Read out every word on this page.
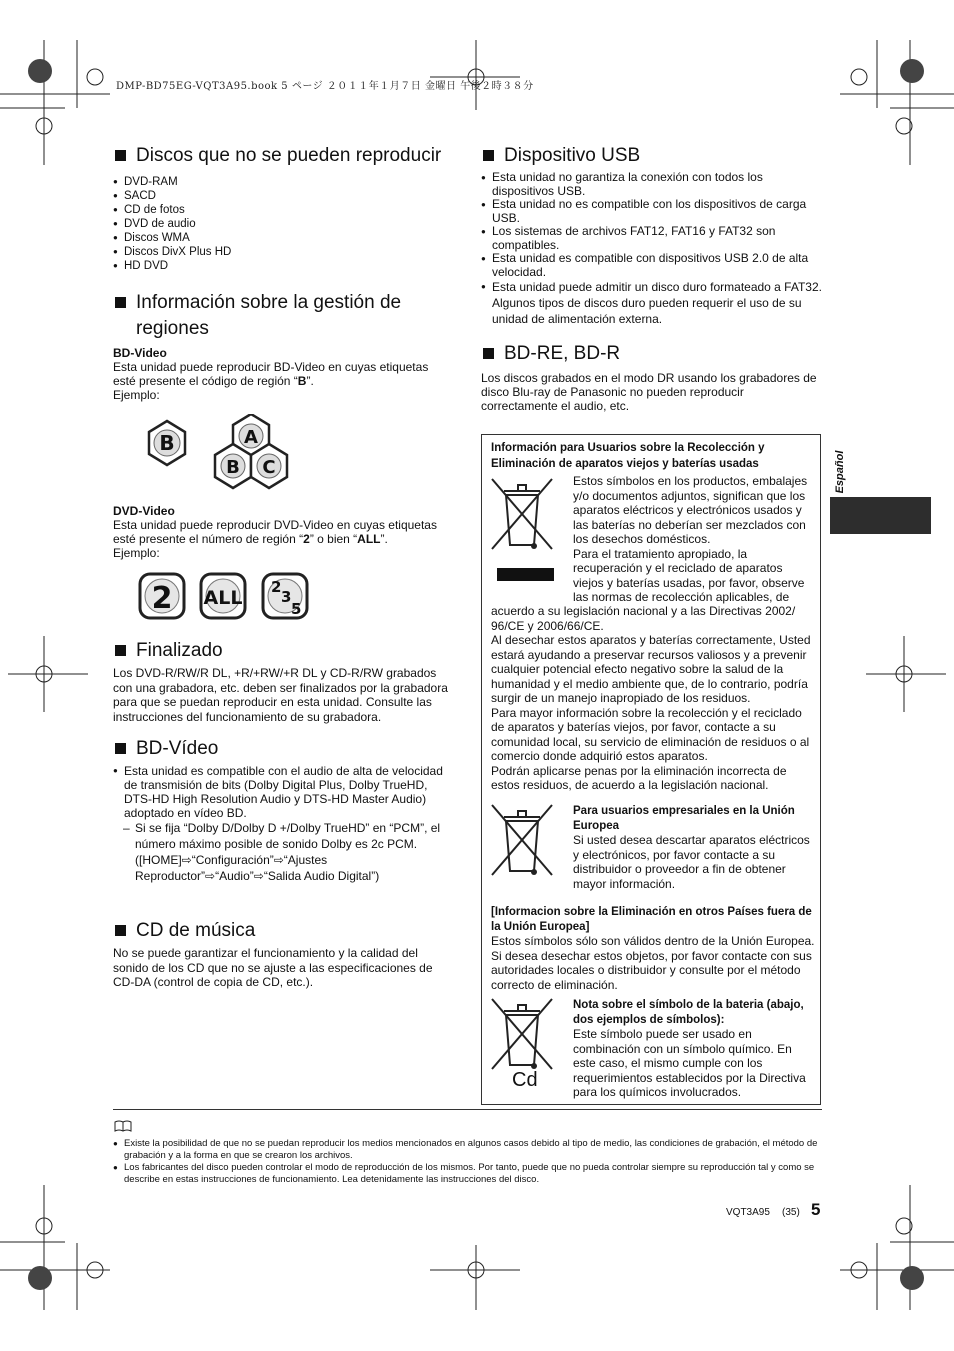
DMP-BD75EG-VQT3A95.book 5 ページ ２０１１年１月７日 金曜日 午後２時３８分
Discos que no se pueden reproducir
● DVD-RAM
● SACD
● CD de fotos
● DVD de audio
● Discos WMA
● Discos DivX Plus HD
● HD DVD
Información sobre la gestión de
regiones

BD-Video

Esta unidad puede reproducir BD-Video en cuyas etiquetas esté presente el código de región “B”.

Ejemplo:

B	A
B C

DVD-Video

Esta unidad puede reproducir DVD-Video en cuyas etiquetas esté presente el número de región “2” o bien “ALL”.

Ejemplo:

2 ALL 2
3
5
Finalizado

Los DVD-R/RW/R DL, +R/+RW/+R DL y CD-R/RW grabados con una grabadora, etc. deben ser finalizados por la grabadora para que se puedan reproducir en esta unidad. Consulte las instrucciones del funcionamiento de su grabadora.

BD-Vídeo
● Esta unidad es compatible con el audio de alta de velocidad de transmisión de bits (Dolby Digital Plus, Dolby TrueHD, DTS-HD High Resolution Audio y DTS-HD Master Audio) adoptado en vídeo BD.
– Si se fija “Dolby D/Dolby D +/Dolby TrueHD” en “PCM”, el número máximo posible de sonido Dolby es 2c PCM. ([HOME]⇨“Configuración”⇨“Ajustes Reproductor”⇨“Audio”⇨“Salida Audio Digital”)
CD de música

No se puede garantizar el funcionamiento y la calidad del sonido de los CD que no se ajuste a las especificaciones de CD-DA (control de copia de CD, etc.).

Dispositivo USB
● Esta unidad no garantiza la conexión con todos los dispositivos USB.
● Esta unidad no es compatible con los dispositivos de carga USB.
● Los sistemas de archivos FAT12, FAT16 y FAT32 son compatibles.
● Esta unidad es compatible con dispositivos USB 2.0 de alta velocidad.
● Esta unidad puede admitir un disco duro formateado a FAT32.

Algunos tipos de discos duro pueden requerir el uso de su unidad de alimentación externa.

BD-RE, BD-R

Los discos grabados en el modo DR usando los grabadores de disco Blu-ray de Panasonic no pueden reproducir correctamente el audio, etc.

Información para Usuarios sobre la Recolección y Eliminación de aparatos viejos y baterías usadas
Estos símbolos en los productos, embalajes y/o documentos adjuntos, significan que los aparatos eléctricos y electrónicos usados y las baterías no deberían ser mezclados con los desechos domésticos.
Para el tratamiento apropiado, la recuperación y el reciclado de aparatos viejos y baterías usadas, por favor, observe las normas de recolección aplicables, de
acuerdo a su legislación nacional y a las Directivas 2002/ 96/CE y 2006/66/CE.
Al desechar estos aparatos y baterías correctamente, Usted estará ayudando a preservar recursos valiosos y a prevenir cualquier potencial efecto negativo sobre la salud de la humanidad y el medio ambiente que, de lo contrario, podría surgir de un manejo inapropiado de los residuos.
Para mayor información sobre la recolección y el reciclado de aparatos y baterías viejos, por favor, contacte a su comunidad local, su servicio de eliminación de residuos o al comercio donde adquirió estos aparatos.
Podrán aplicarse penas por la eliminación incorrecta de estos residuos, de acuerdo a la legislación nacional.
Para usuarios empresariales en la Unión Europea
Si usted desea descartar aparatos eléctricos y electrónicos, por favor contacte a su distribuidor o proveedor a fin de obtener mayor información.
[Informacion sobre la Eliminación en otros Países fuera de la Unión Europea]
Estos símbolos sólo son válidos dentro de la Unión Europea. Si desea desechar estos objetos, por favor contacte con sus autoridades locales o distribuidor y consulte por el método correcto de eliminación.
Cd
Nota sobre el símbolo de la bateria (abajo, dos ejemplos de símbolos):
Este símbolo puede ser usado en combinación con un símbolo químico. En este caso, el mismo cumple con los requerimientos establecidos por la Directiva para los químicos involucrados.
Español
● Existe la posibilidad de que no se puedan reproducir los medios mencionados en algunos casos debido al tipo de medio, las condiciones de grabación, el método de grabación y a la forma en que se crearon los archivos.
● Los fabricantes del disco pueden controlar el modo de reproducción de los mismos. Por tanto, puede que no pueda controlar siempre su reproducción tal y como se describe en estas instrucciones de funcionamiento. Lea detenidamente las instrucciones del disco.
VQT3A95 (35) 5
